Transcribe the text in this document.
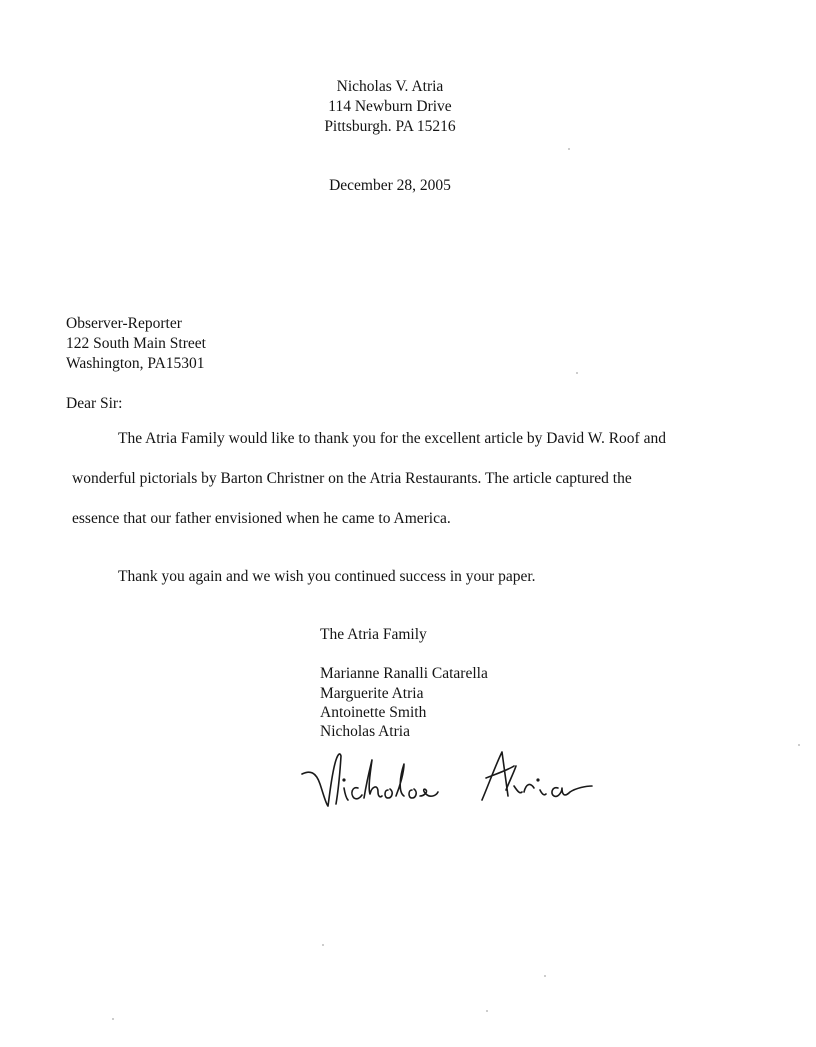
Nicholas V. Atria
114 Newburn Drive
Pittsburgh. PA 15216
December 28, 2005
Observer-Reporter
122 South Main Street
Washington, PA15301
Dear Sir:
The Atria Family would like to thank you for the excellent article by David W. Roof and
wonderful pictorials by Barton Christner on the Atria Restaurants. The article captured the
essence that our father envisioned when he came to America.
Thank you again and we wish you continued success in your paper.
The Atria Family
Marianne Ranalli Catarella
Marguerite Atria
Antoinette Smith
Nicholas Atria
